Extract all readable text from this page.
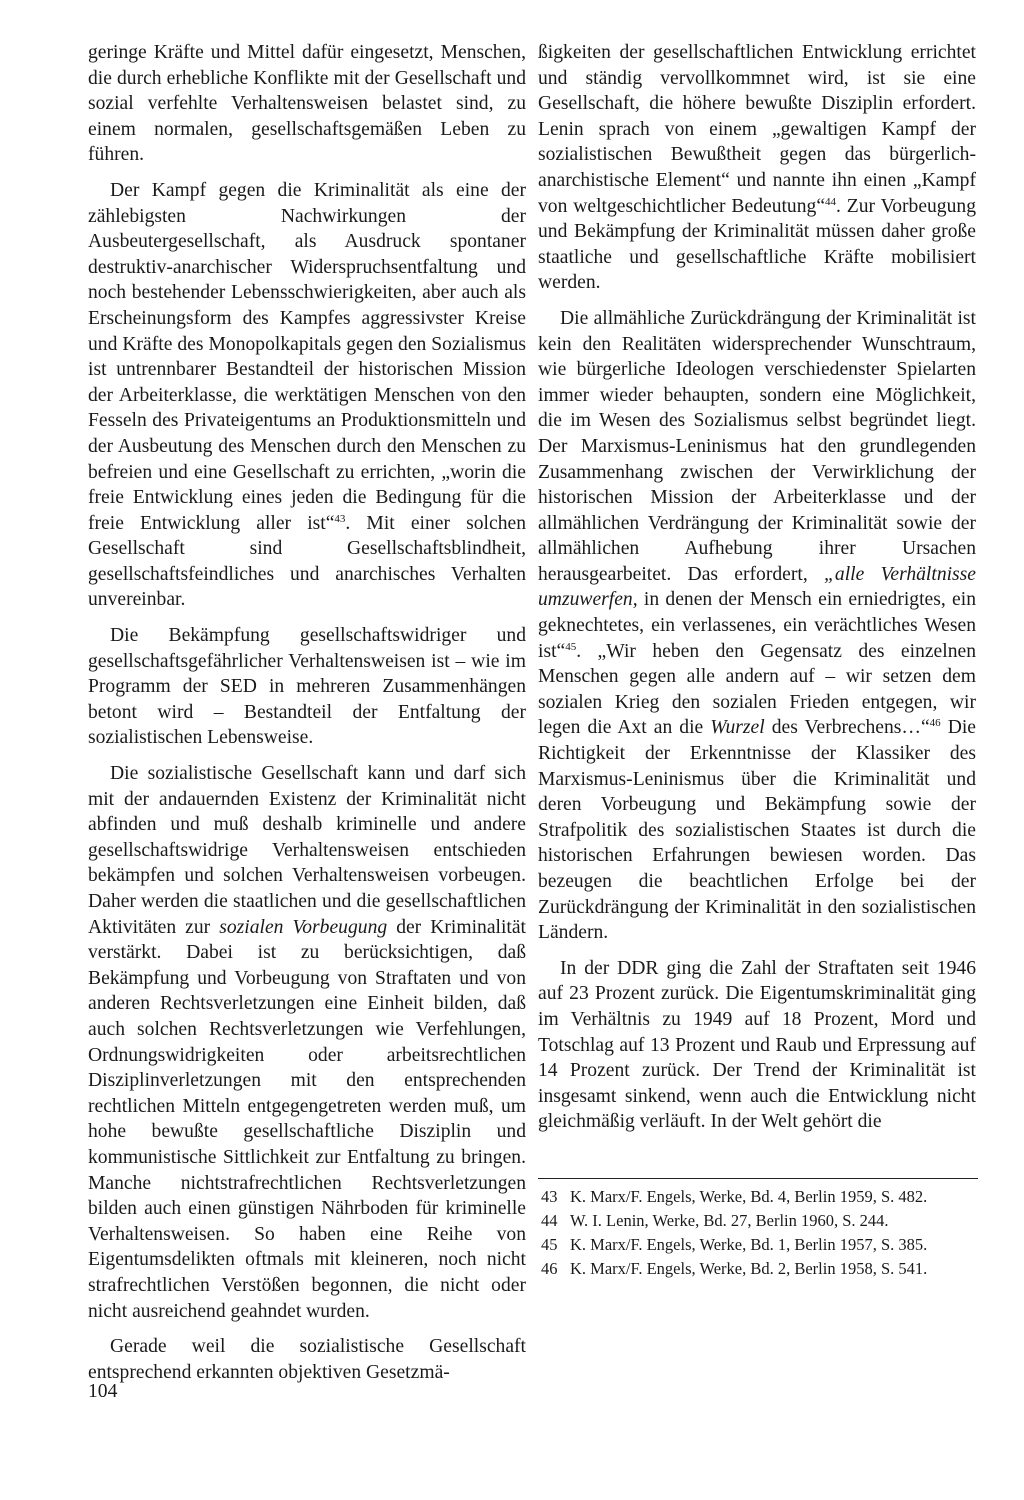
geringe Kräfte und Mittel dafür eingesetzt, Menschen, die durch erhebliche Konflikte mit der Gesellschaft und sozial verfehlte Verhaltensweisen belastet sind, zu einem normalen, gesellschaftsgemäßen Leben zu führen.

Der Kampf gegen die Kriminalität als eine der zählebigsten Nachwirkungen der Ausbeutergesellschaft, als Ausdruck spontaner destruktiv-anarchischer Widerspruchsentfaltung und noch bestehender Lebensschwierigkeiten, aber auch als Erscheinungsform des Kampfes aggressivster Kreise und Kräfte des Monopolkapitals gegen den Sozialismus ist untrennbarer Bestandteil der historischen Mission der Arbeiterklasse, die werktätigen Menschen von den Fesseln des Privateigentums an Produktionsmitteln und der Ausbeutung des Menschen durch den Menschen zu befreien und eine Gesellschaft zu errichten, „worin die freie Entwicklung eines jeden die Bedingung für die freie Entwicklung aller ist“$^{43}$. Mit einer solchen Gesellschaft sind Gesellschaftsblindheit, gesellschaftsfeindliches und anarchisches Verhalten unvereinbar.

Die Bekämpfung gesellschaftswidriger und gesellschaftsgefährlicher Verhaltensweisen ist – wie im Programm der SED in mehreren Zusammenhängen betont wird – Bestandteil der Entfaltung der sozialistischen Lebensweise.

Die sozialistische Gesellschaft kann und darf sich mit der andauernden Existenz der Kriminalität nicht abfinden und muß deshalb kriminelle und andere gesellschaftswidrige Verhaltensweisen entschieden bekämpfen und solchen Verhaltensweisen vorbeugen. Daher werden die staatlichen und die gesellschaftlichen Aktivitäten zur sozialen Vorbeugung der Kriminalität verstärkt. Dabei ist zu berücksichtigen, daß Bekämpfung und Vorbeugung von Straftaten und von anderen Rechtsverletzungen eine Einheit bilden, daß auch solchen Rechtsverletzungen wie Verfehlungen, Ordnungswidrigkeiten oder arbeitsrechtlichen Disziplinverletzungen mit den entsprechenden rechtlichen Mitteln entgegengetreten werden muß, um hohe bewußte gesellschaftliche Disziplin und kommunistische Sittlichkeit zur Entfaltung zu bringen. Manche nichtstrafrechtlichen Rechtsverletzungen bilden auch einen günstigen Nährboden für kriminelle Verhaltensweisen. So haben eine Reihe von Eigentumsdelikten oftmals mit kleineren, noch nicht strafrechtlichen Verstößen begonnen, die nicht oder nicht ausreichend geahndet wurden.

Gerade weil die sozialistische Gesellschaft entsprechend erkannten objektiven Gesetzmä-

ßigkeiten der gesellschaftlichen Entwicklung errichtet und ständig vervollkommnet wird, ist sie eine Gesellschaft, die höhere bewußte Disziplin erfordert. Lenin sprach von einem „gewaltigen Kampf der sozialistischen Bewußtheit gegen das bürgerlich-anarchistische Element“ und nannte ihn einen „Kampf von weltgeschichtlicher Bedeutung“$^{44}$. Zur Vorbeugung und Bekämpfung der Kriminalität müssen daher große staatliche und gesellschaftliche Kräfte mobilisiert werden.

Die allmähliche Zurückdrängung der Kriminalität ist kein den Realitäten widersprechender Wunschtraum, wie bürgerliche Ideologen verschiedenster Spielarten immer wieder behaupten, sondern eine Möglichkeit, die im Wesen des Sozialismus selbst begründet liegt. Der Marxismus-Leninismus hat den grundlegenden Zusammenhang zwischen der Verwirklichung der historischen Mission der Arbeiterklasse und der allmählichen Verdrängung der Kriminalität sowie der allmählichen Aufhebung ihrer Ursachen herausgearbeitet. Das erfordert, „alle Verhältnisse umzuwerfen, in denen der Mensch ein erniedrigtes, ein geknechtetes, ein verlassenes, ein verächtliches Wesen ist“$^{45}$. „Wir heben den Gegensatz des einzelnen Menschen gegen alle andern auf – wir setzen dem sozialen Krieg den sozialen Frieden entgegen, wir legen die Axt an die Wurzel des Verbrechens…“$^{46}$ Die Richtigkeit der Erkenntnisse der Klassiker des Marxismus-Leninismus über die Kriminalität und deren Vorbeugung und Bekämpfung sowie der Strafpolitik des sozialistischen Staates ist durch die historischen Erfahrungen bewiesen worden. Das bezeugen die beachtlichen Erfolge bei der Zurückdrängung der Kriminalität in den sozialistischen Ländern.

In der DDR ging die Zahl der Straftaten seit 1946 auf 23 Prozent zurück. Die Eigentumskriminalität ging im Verhältnis zu 1949 auf 18 Prozent, Mord und Totschlag auf 13 Prozent und Raub und Erpressung auf 14 Prozent zurück. Der Trend der Kriminalität ist insgesamt sinkend, wenn auch die Entwicklung nicht gleichmäßig verläuft. In der Welt gehört die

43 K. Marx/F. Engels, Werke, Bd. 4, Berlin 1959, S. 482.
44 W. I. Lenin, Werke, Bd. 27, Berlin 1960, S. 244.
45 K. Marx/F. Engels, Werke, Bd. 1, Berlin 1957, S. 385.
46 K. Marx/F. Engels, Werke, Bd. 2, Berlin 1958, S. 541.
104
